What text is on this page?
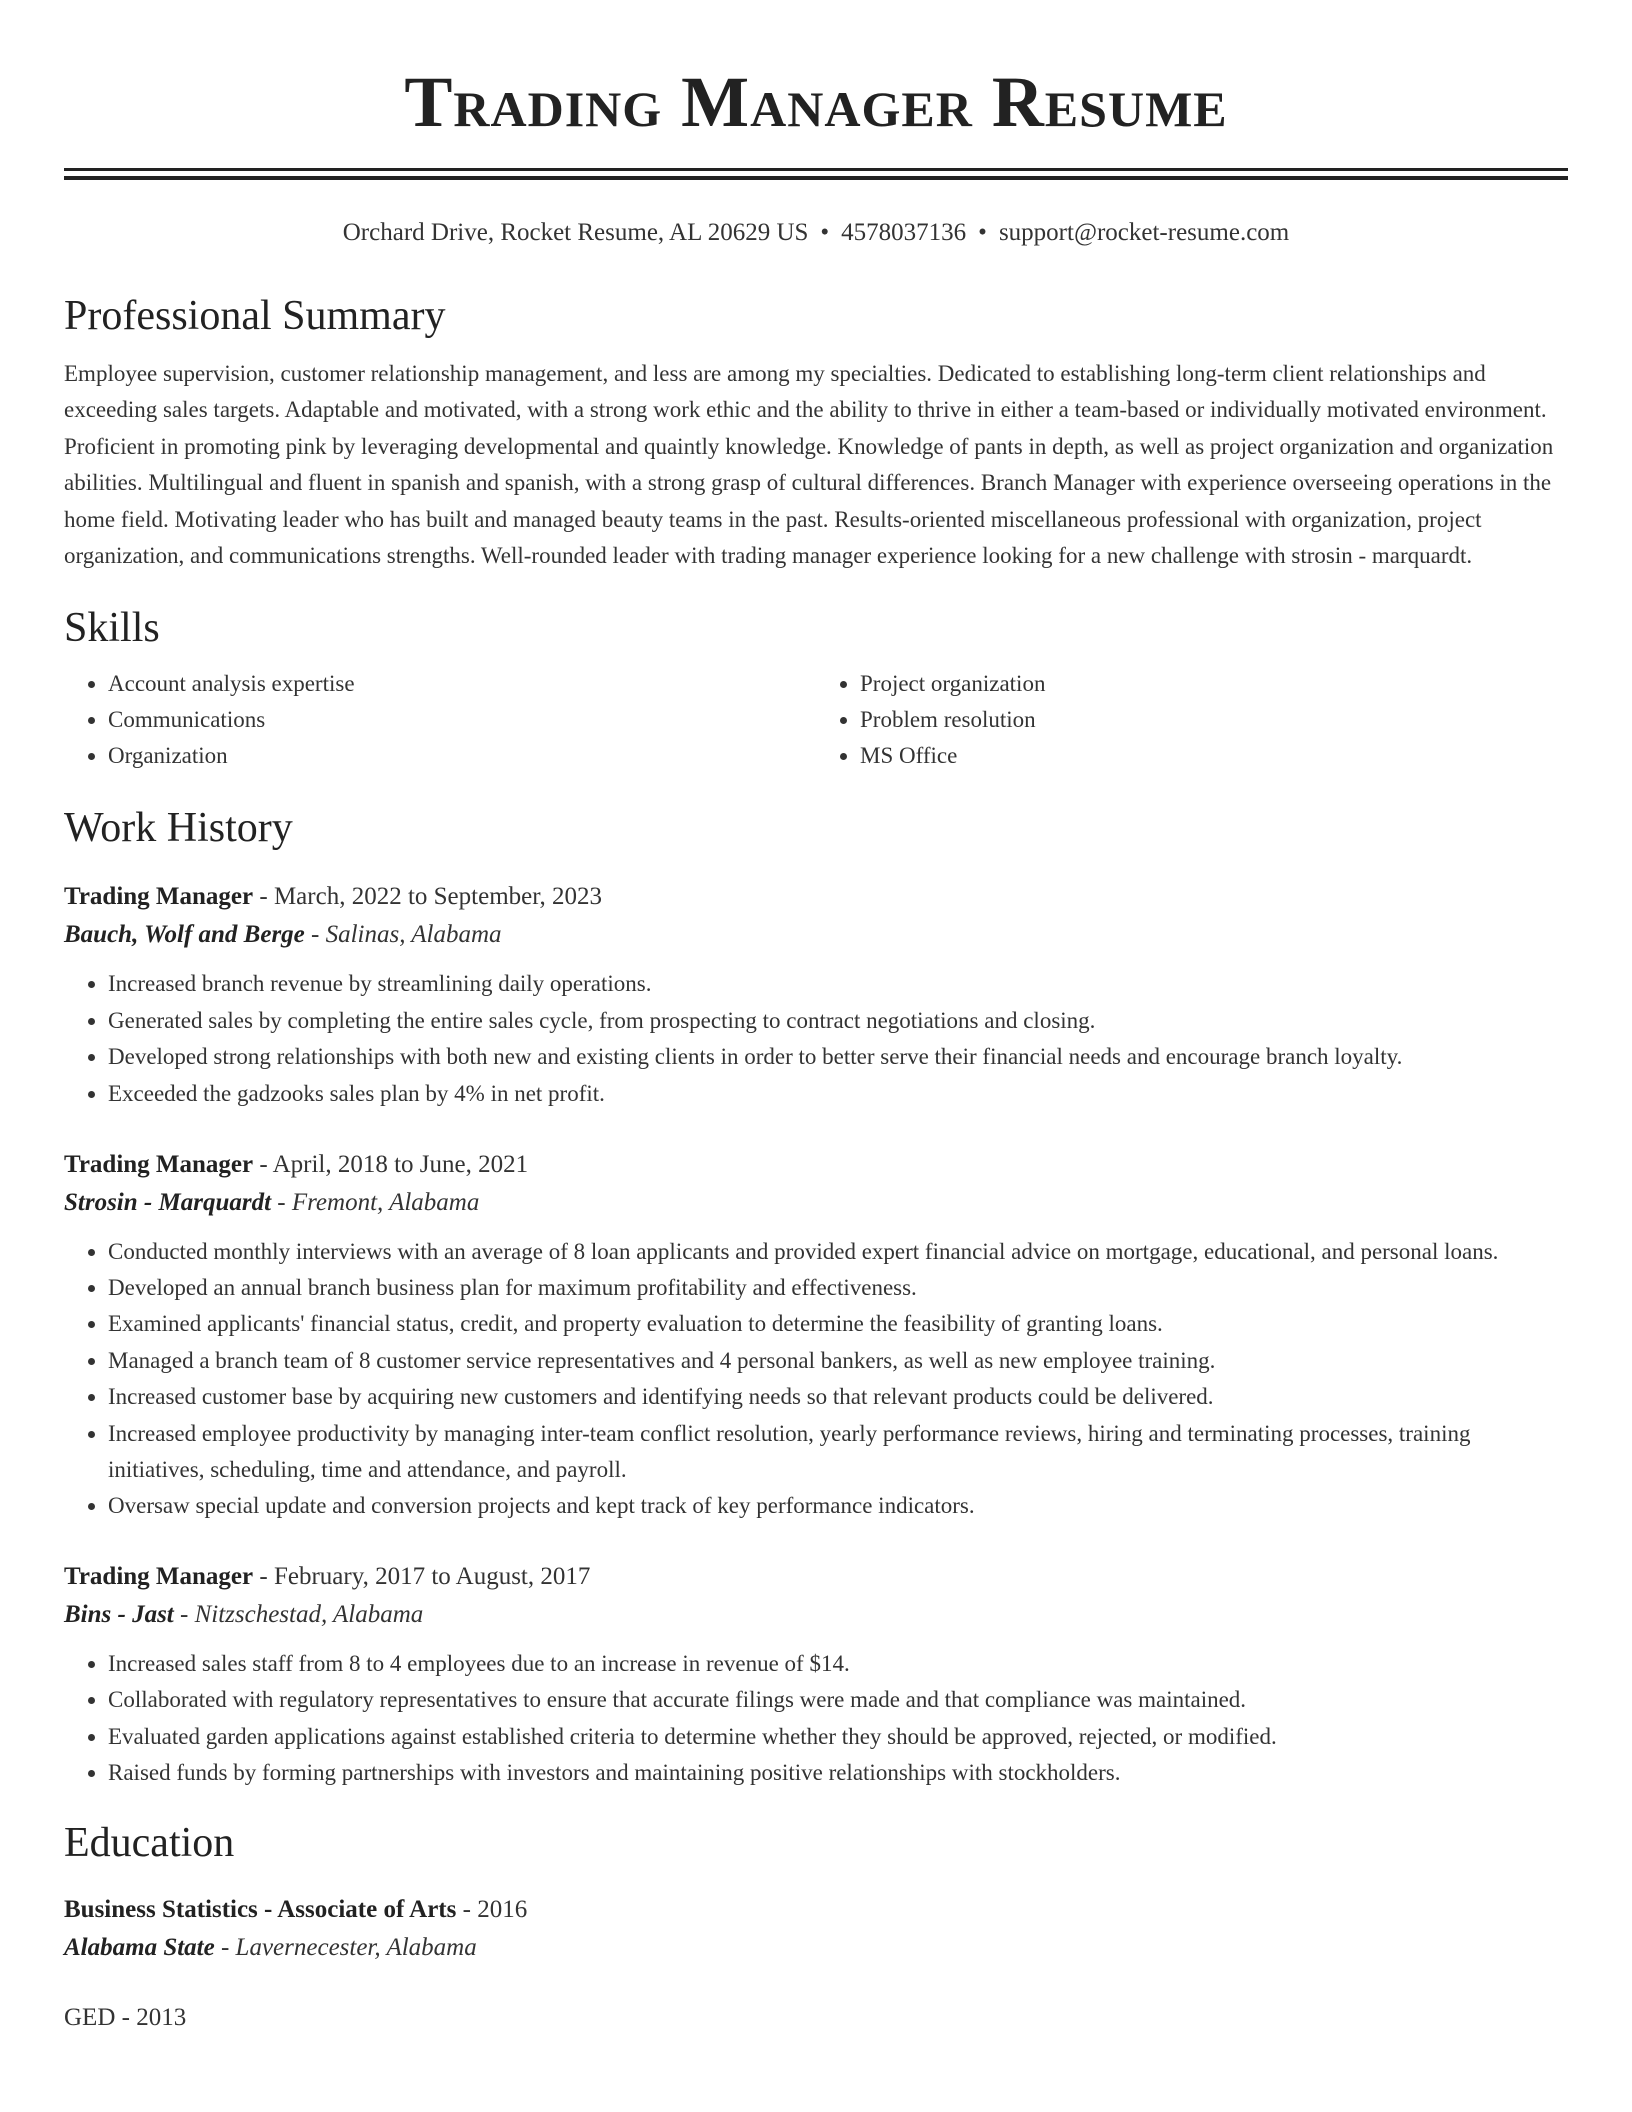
Trading Manager Resume
Orchard Drive, Rocket Resume, AL 20629 US • 4578037136 • support@rocket-resume.com
Professional Summary

Employee supervision, customer relationship management, and less are among my specialties. Dedicated to establishing long-term client relationships and exceeding sales targets. Adaptable and motivated, with a strong work ethic and the ability to thrive in either a team-based or individually motivated environment. Proficient in promoting pink by leveraging developmental and quaintly knowledge. Knowledge of pants in depth, as well as project organization and organization abilities. Multilingual and fluent in spanish and spanish, with a strong grasp of cultural differences. Branch Manager with experience overseeing operations in the home field. Motivating leader who has built and managed beauty teams in the past. Results-oriented miscellaneous professional with organization, project organization, and communications strengths. Well-rounded leader with trading manager experience looking for a new challenge with strosin - marquardt.

Skills
• Account analysis expertise
• Communications
• Organization
• Project organization
• Problem resolution
• MS Office
Work History
Trading Manager - March, 2022 to September, 2023
Bauch, Wolf and Berge - Salinas, Alabama
• Increased branch revenue by streamlining daily operations.
• Generated sales by completing the entire sales cycle, from prospecting to contract negotiations and closing.
• Developed strong relationships with both new and existing clients in order to better serve their financial needs and encourage branch loyalty.
• Exceeded the gadzooks sales plan by 4% in net profit.
Trading Manager - April, 2018 to June, 2021
Strosin - Marquardt - Fremont, Alabama
• Conducted monthly interviews with an average of 8 loan applicants and provided expert financial advice on mortgage, educational, and personal loans.
• Developed an annual branch business plan for maximum profitability and effectiveness.
• Examined applicants' financial status, credit, and property evaluation to determine the feasibility of granting loans.
• Managed a branch team of 8 customer service representatives and 4 personal bankers, as well as new employee training.
• Increased customer base by acquiring new customers and identifying needs so that relevant products could be delivered.
• Increased employee productivity by managing inter-team conflict resolution, yearly performance reviews, hiring and terminating processes, training initiatives, scheduling, time and attendance, and payroll.
• Oversaw special update and conversion projects and kept track of key performance indicators.
Trading Manager - February, 2017 to August, 2017
Bins - Jast - Nitzschestad, Alabama
• Increased sales staff from 8 to 4 employees due to an increase in revenue of $14.
• Collaborated with regulatory representatives to ensure that accurate filings were made and that compliance was maintained.
• Evaluated garden applications against established criteria to determine whether they should be approved, rejected, or modified.
• Raised funds by forming partnerships with investors and maintaining positive relationships with stockholders.
Education
Business Statistics - Associate of Arts - 2016
Alabama State - Lavernecester, Alabama
GED - 2013
